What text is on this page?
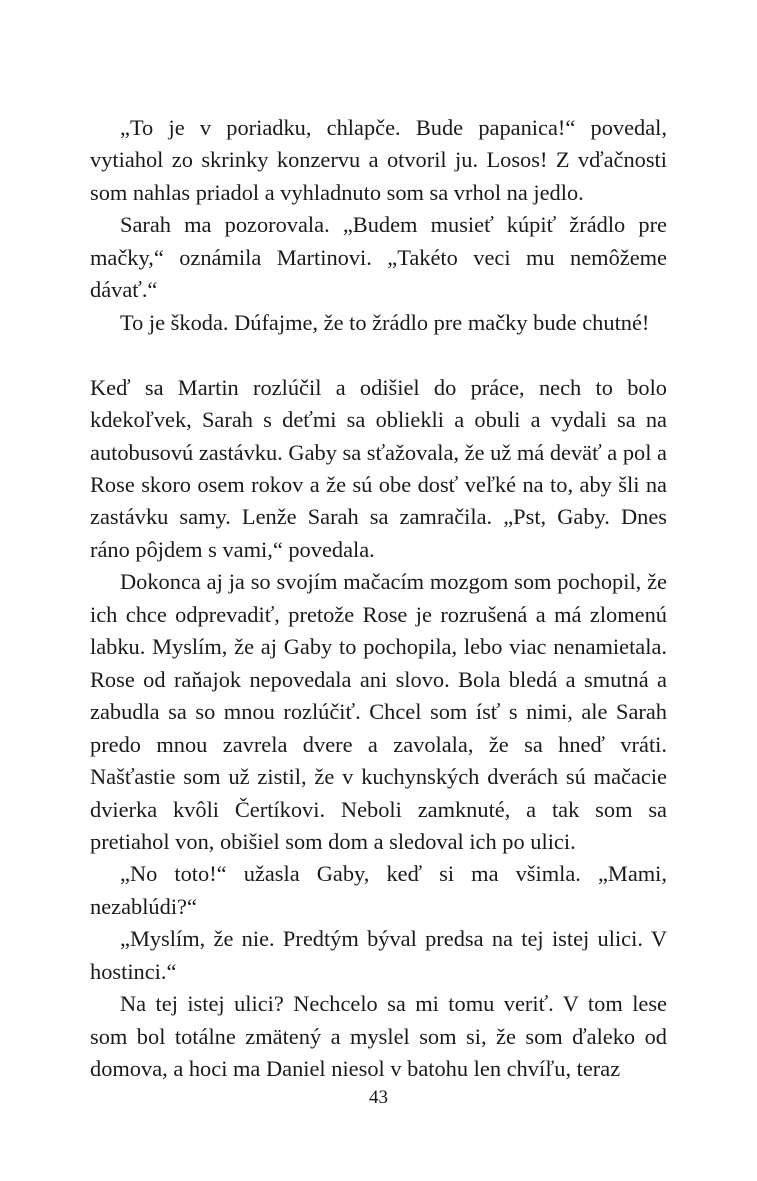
„To je v poriadku, chlapče. Bude papanica!“ povedal, vytiahol zo skrinky konzervu a otvoril ju. Losos! Z vďačnosti som nahlas priadol a vyhladnuto som sa vrhol na jedlo.

Sarah ma pozorovala. „Budem musieť kúpiť žrádlo pre mačky,“ oznámila Martinovi. „Takéto veci mu nemôžeme dávať.“

To je škoda. Dúfajme, že to žrádlo pre mačky bude chutné!

Keď sa Martin rozlúčil a odišiel do práce, nech to bolo kdekoľvek, Sarah s deťmi sa obliekli a obuli a vydali sa na autobusovú zastávku. Gaby sa sťažovala, že už má deväť a pol a Rose skoro osem rokov a že sú obe dosť veľké na to, aby šli na zastávku samy. Lenže Sarah sa zamračila. „Pst, Gaby. Dnes ráno pôjdem s vami,“ povedala.

Dokonca aj ja so svojím mačacím mozgom som pochopil, že ich chce odprevadiť, pretože Rose je rozrušená a má zlomenú labku. Myslím, že aj Gaby to pochopila, lebo viac nenamietala. Rose od raňajok nepovedala ani slovo. Bola bledá a smutná a zabudla sa so mnou rozlúčiť. Chcel som ísť s nimi, ale Sarah predo mnou zavrela dvere a zavolala, že sa hneď vráti. Našťastie som už zistil, že v kuchynských dverách sú mačacie dvierka kvôli Čertíkovi. Neboli zamknuté, a tak som sa pretiahol von, obišiel som dom a sledoval ich po ulici.

„No toto!“ užasla Gaby, keď si ma všimla. „Mami, nezablúdi?“

„Myslím, že nie. Predtým býval predsa na tej istej ulici. V hostinci.“

Na tej istej ulici? Nechcelo sa mi tomu veriť. V tom lese som bol totálne zmätený a myslel som si, že som ďaleko od domova, a hoci ma Daniel niesol v batohu len chvíľu, teraz

43
